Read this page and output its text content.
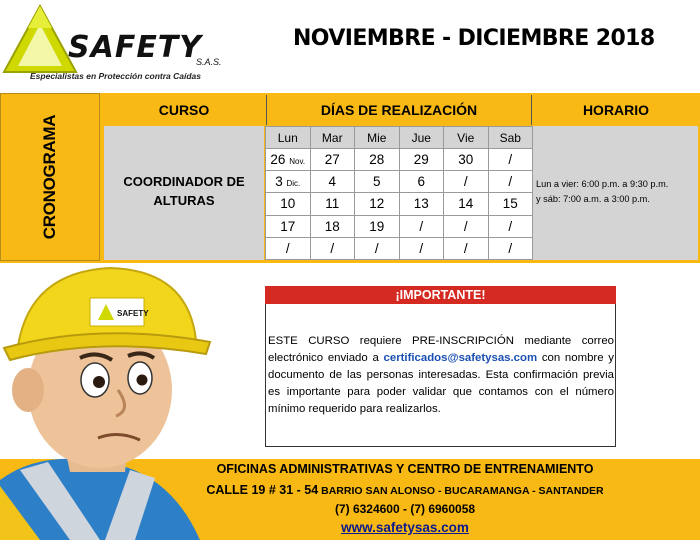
SAFETY
S.A.S.
Especialistas en Protección contra Caídas
NOVIEMBRE - DICIEMBRE 2018
CRONOGRAMA
CURSO	DÍAS DE REALIZACIÓN	HORARIO
COORDINADOR DE ALTURAS
Lun	Mar	Mie	Jue	Vie	Sab
26 Nov.	27	28	29	30	/
3 Dic.	4	5	6	/	/
10	11	12	13	14	15
17	18	19	/	/	/
/	/	/	/	/	/
Lun a vier: 6:00 p.m. a 9:30 p.m.
y sáb: 7:00 a.m. a 3:00 p.m.
¡IMPORTANTE!
ESTE CURSO requiere PRE-INSCRIPCIÓN mediante correo electrónico enviado a certificados@safetysas.com con nombre y documento de las personas interesadas. Esta confirmación previa es importante para poder validar que contamos con el número mínimo requerido para realizarlos.
OFICINAS ADMINISTRATIVAS Y CENTRO DE ENTRENAMIENTO
CALLE 19 # 31 - 54 BARRIO SAN ALONSO - BUCARAMANGA - SANTANDER
(7) 6324600 - (7) 6960058
www.safetysas.com
SAFETY
